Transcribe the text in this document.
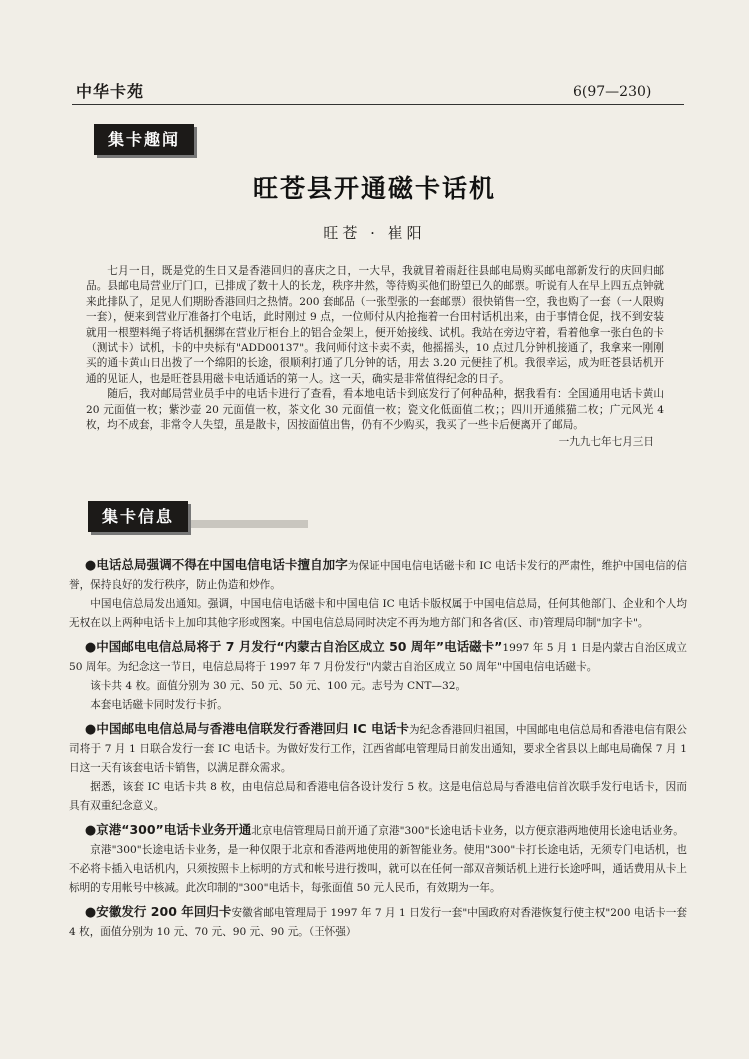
中华卡苑	6(97—230)
集卡趣闻
旺苍县开通磁卡话机
旺苍 · 崔阳

七月一日，既是党的生日又是香港回归的喜庆之日，一大早，我就冒着雨赶往县邮电局购买邮电部新发行的庆回归邮品。县邮电局营业厅门口，已排成了数十人的长龙，秩序井然，等待购买他们盼望已久的邮票。听说有人在早上四五点钟就来此排队了，足见人们期盼香港回归之热情。200 套邮品（一张型张的一套邮票）很快销售一空，我也购了一套（一人限购一套），便来到营业厅准备打个电话，此时刚过 9 点，一位师付从内抢拖着一台田村话机出来，由于事情仓促，找不到安装就用一根塑料绳子将话机捆绑在营业厅柜台上的铝合金架上，便开始接线、试机。我站在旁边守着，看着他拿一张白色的卡（测试卡）试机，卡的中央标有"ADD00137"。我问师付这卡卖不卖，他摇摇头，10 点过几分钟机接通了，我拿来一刚刚买的通卡黄山日出拨了一个绵阳的长途，很顺利打通了几分钟的话，用去 3.20 元便挂了机。我很幸运，成为旺苍县话机开通的见证人，也是旺苍县用磁卡电话通话的第一人。这一天，确实是非常值得纪念的日子。

随后，我对邮局营业员手中的电话卡进行了查看，看本地电话卡到底发行了何种品种，据我看有：全国通用电话卡黄山 20 元面值一枚；紫沙壶 20 元面值一枚，茶文化 30 元面值一枚；瓷文化低面值二枚；；四川开通熊猫二枚；广元风光 4 枚，均不成套，非常令人失望，虽是散卡，因按面值出售，仍有不少购买，我买了一些卡后便离开了邮局。

一九九七年七月三日

集卡信息

●电话总局强调不得在中国电信电话卡擅自加字为保证中国电信电话磁卡和 IC 电话卡发行的严肃性，维护中国电信的信誉，保持良好的发行秩序，防止伪造和炒作。

中国电信总局发出通知。强调，中国电信电话磁卡和中国电信 IC 电话卡版权属于中国电信总局，任何其他部门、企业和个人均无权在以上两种电话卡上加印其他字形或图案。中国电信总局同时决定不再为地方部门和各省(区、市)管理局印制"加字卡"。

●中国邮电电信总局将于 7 月发行“内蒙古自治区成立 50 周年”电话磁卡”1997 年 5 月 1 日是内蒙古自治区成立 50 周年。为纪念这一节日，电信总局将于 1997 年 7 月份发行"内蒙古自治区成立 50 周年"中国电信电话磁卡。

该卡共 4 枚。面值分别为 30 元、50 元、50 元、100 元。志号为 CNT—32。

本套电话磁卡同时发行卡折。

●中国邮电电信总局与香港电信联发行香港回归 IC 电话卡为纪念香港回归祖国，中国邮电电信总局和香港电信有限公司将于 7 月 1 日联合发行一套 IC 电话卡。为做好发行工作，江西省邮电管理局日前发出通知，要求全省县以上邮电局确保 7 月 1 日这一天有该套电话卡销售，以满足群众需求。

据悉，该套 IC 电话卡共 8 枚，由电信总局和香港电信各设计发行 5 枚。这是电信总局与香港电信首次联手发行电话卡，因而具有双重纪念意义。

●京港“300”电话卡业务开通北京电信管理局日前开通了京港"300"长途电话卡业务，以方便京港两地使用长途电话业务。

京港"300"长途电话卡业务，是一种仅限于北京和香港两地使用的新智能业务。使用"300"卡打长途电话，无须专门电话机，也不必将卡插入电话机内，只须按照卡上标明的方式和帐号进行拨叫，就可以在任何一部双音频话机上进行长途呼叫，通话费用从卡上标明的专用帐号中核减。此次印制的"300"电话卡，每张面值 50 元人民币，有效期为一年。

●安徽发行 200 年回归卡安徽省邮电管理局于 1997 年 7 月 1 日发行一套"中国政府对香港恢复行使主权"200 电话卡一套 4 枚，面值分别为 10 元、70 元、90 元、90 元。（王怀强）
